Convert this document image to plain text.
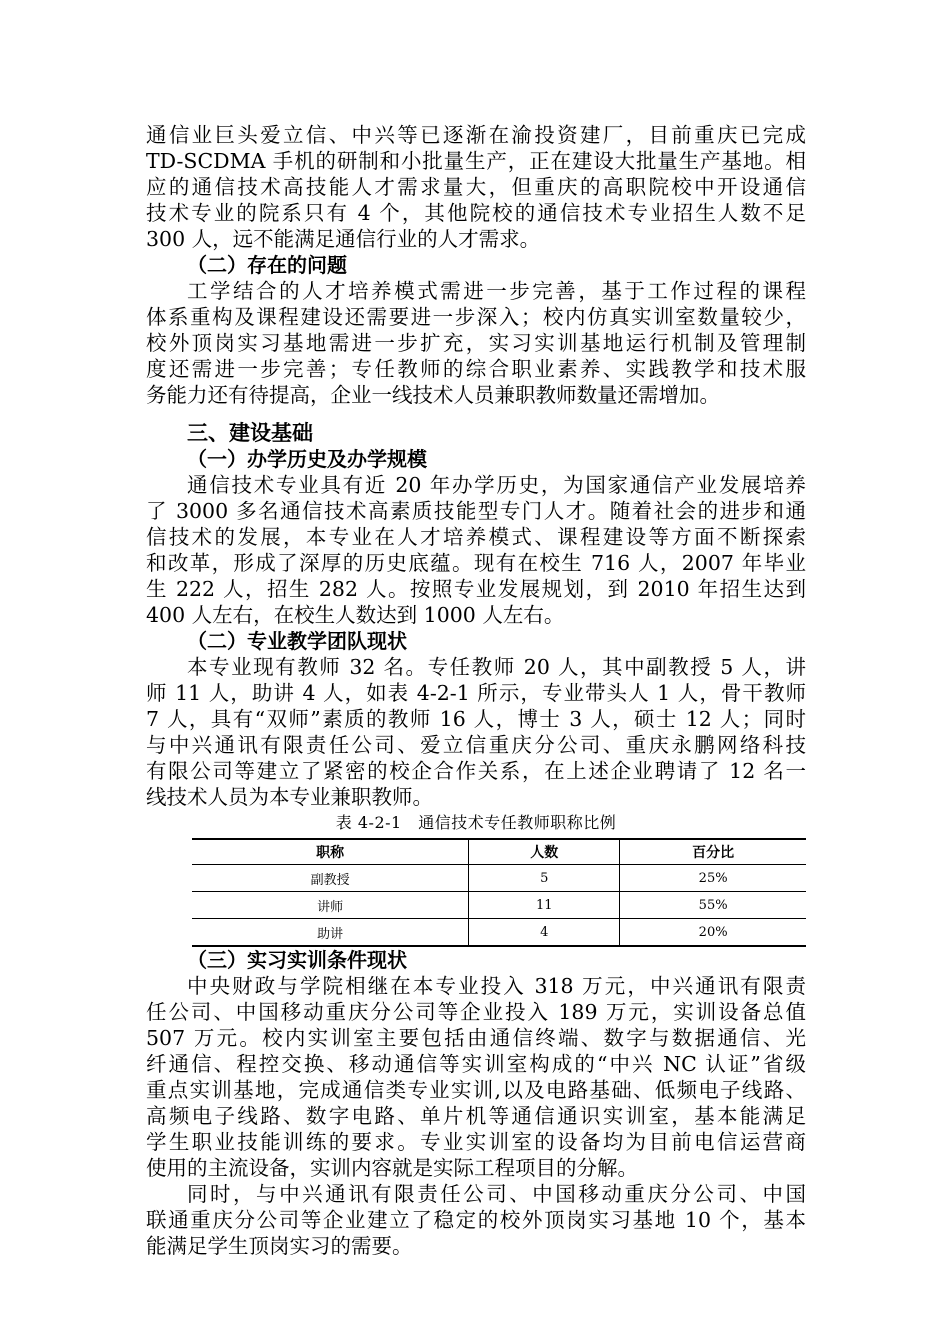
通信业巨头爱立信、中兴等已逐渐在渝投资建厂，目前重庆已完成

TD-SCDMA 手机的研制和小批量生产，正在建设大批量生产基地。相

应的通信技术高技能人才需求量大，但重庆的高职院校中开设通信

技术专业的院系只有 4 个，其他院校的通信技术专业招生人数不足

300 人，远不能满足通信行业的人才需求。

（二）存在的问题

工学结合的人才培养模式需进一步完善，基于工作过程的课程

体系重构及课程建设还需要进一步深入；校内仿真实训室数量较少，

校外顶岗实习基地需进一步扩充，实习实训基地运行机制及管理制

度还需进一步完善；专任教师的综合职业素养、实践教学和技术服

务能力还有待提高，企业一线技术人员兼职教师数量还需增加。

三、建设基础

（一）办学历史及办学规模

通信技术专业具有近 20 年办学历史，为国家通信产业发展培养

了 3000 多名通信技术高素质技能型专门人才。随着社会的进步和通

信技术的发展，本专业在人才培养模式、课程建设等方面不断探索

和改革，形成了深厚的历史底蕴。现有在校生 716 人，2007 年毕业

生 222 人，招生 282 人。按照专业发展规划，到 2010 年招生达到

400 人左右，在校生人数达到 1000 人左右。

（二）专业教学团队现状

本专业现有教师 32 名。专任教师 20 人，其中副教授 5 人，讲

师 11 人，助讲 4 人，如表 4-2-1 所示，专业带头人 1 人，骨干教师

7 人，具有“双师”素质的教师 16 人，博士 3 人，硕士 12 人；同时

与中兴通讯有限责任公司、爱立信重庆分公司、重庆永鹏网络科技

有限公司等建立了紧密的校企合作关系，在上述企业聘请了 12 名一

线技术人员为本专业兼职教师。

表 4-2-1　通信技术专任教师职称比例

职称	人数	百分比
副教授	5	25%
讲师	11	55%
助讲	4	20%

（三）实习实训条件现状

中央财政与学院相继在本专业投入 318 万元，中兴通讯有限责

任公司、中国移动重庆分公司等企业投入 189 万元，实训设备总值

507 万元。校内实训室主要包括由通信终端、数字与数据通信、光

纤通信、程控交换、移动通信等实训室构成的“中兴 NC 认证”省级

重点实训基地，完成通信类专业实训,以及电路基础、低频电子线路、

高频电子线路、数字电路、单片机等通信通识实训室，基本能满足

学生职业技能训练的要求。专业实训室的设备均为目前电信运营商

使用的主流设备，实训内容就是实际工程项目的分解。

同时，与中兴通讯有限责任公司、中国移动重庆分公司、中国

联通重庆分公司等企业建立了稳定的校外顶岗实习基地 10 个，基本

能满足学生顶岗实习的需要。
